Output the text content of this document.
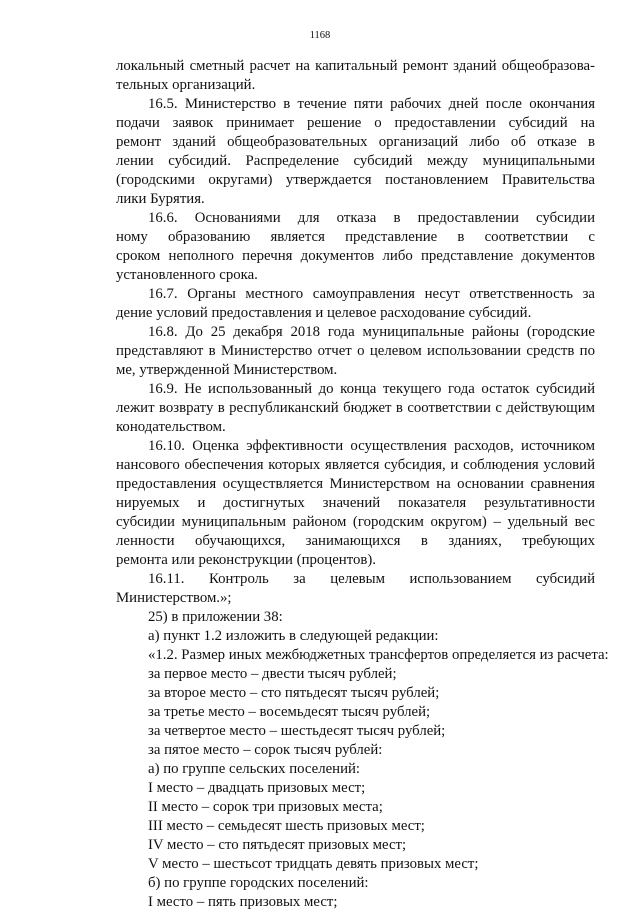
1168
локальный сметный расчет на капитальный ремонт зданий общеобразова-
тельных организаций.
16.5. Министерство в течение пяти рабочих дней после окончания
подачи заявок принимает решение о предоставлении субсидий на
ремонт зданий общеобразовательных организаций либо об отказе в
лении субсидий. Распределение субсидий между муниципальными
(городскими округами) утверждается постановлением Правительства
лики Бурятия.
16.6. Основаниями для отказа в предоставлении субсидии
ному образованию является представление в соответствии с
сроком неполного перечня документов либо представление документов
установленного срока.
16.7. Органы местного самоуправления несут ответственность за
дение условий предоставления и целевое расходование субсидий.
16.8. До 25 декабря 2018 года муниципальные районы (городские
представляют в Министерство отчет о целевом использовании средств по
ме, утвержденной Министерством.
16.9. Не использованный до конца текущего года остаток субсидий
лежит возврату в республиканский бюджет в соответствии с действующим
конодательством.
16.10. Оценка эффективности осуществления расходов, источником
нансового обеспечения которых является субсидия, и соблюдения условий
предоставления осуществляется Министерством на основании сравнения
нируемых и достигнутых значений показателя результативности
субсидии муниципальным районом (городским округом) – удельный вес
ленности обучающихся, занимающихся в зданиях, требующих
ремонта или реконструкции (процентов).
16.11. Контроль за целевым использованием субсидий
Министерством.»;
25) в приложении 38:
а) пункт 1.2 изложить в следующей редакции:
«1.2. Размер иных межбюджетных трансфертов определяется из расчета:
за первое место – двести тысяч рублей;
за второе место – сто пятьдесят тысяч рублей;
за третье место – восемьдесят тысяч рублей;
за четвертое место – шестьдесят тысяч рублей;
за пятое место – сорок тысяч рублей:
а) по группе сельских поселений:
I место – двадцать призовых мест;
II место – сорок три призовых места;
III место – семьдесят шесть призовых мест;
IV место – сто пятьдесят призовых мест;
V место – шестьсот тридцать девять призовых мест;
б) по группе городских поселений:
I место – пять призовых мест;
